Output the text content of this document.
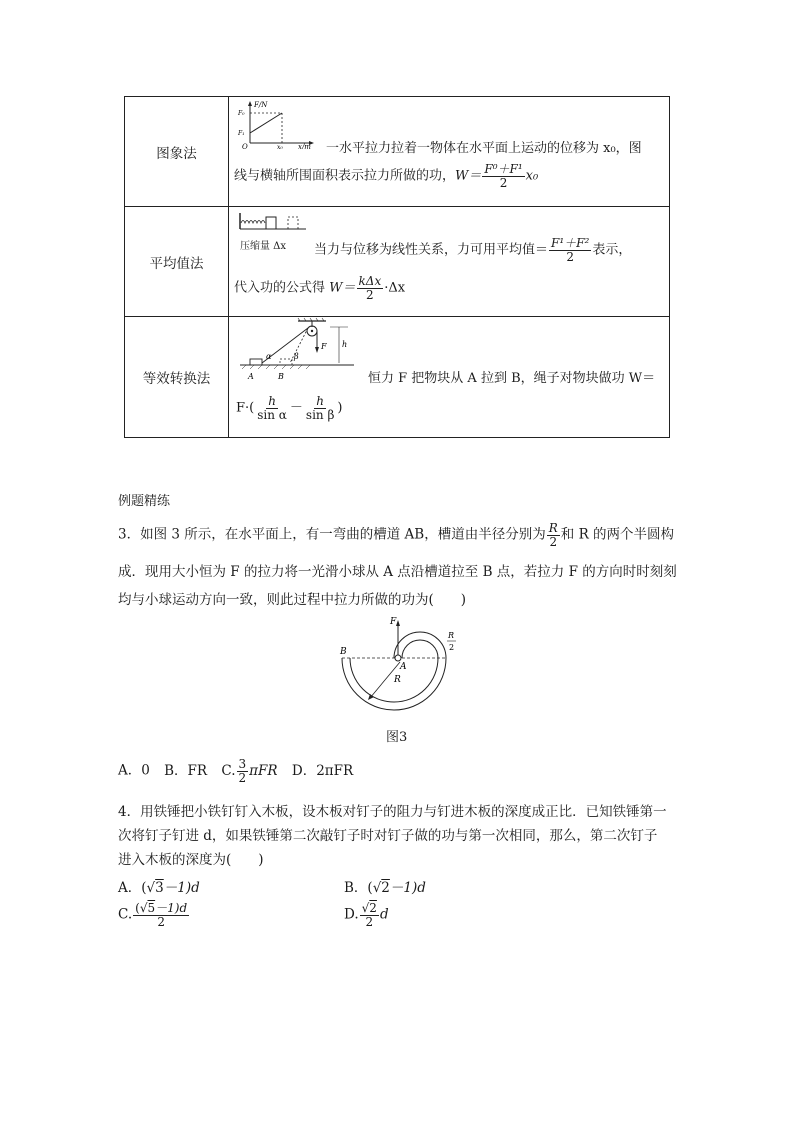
图象法
F/N
F₀
F₁
O	x₀ x/m 一水平拉力拉着一物体在水平面上运动的位移为 x₀，图
线与横轴所围面积表示拉力所做的功，$W= \frac{\text{F⁰＋F¹}}{2} x_0$
平均值法
压缩量 Δx 当力与位移为线性关系，力可用平均值＝ $\frac{\text{F¹＋F²}}{2}$ 表示，
代入功的公式得 $W= \frac{\text{kΔx}}{2} \cdot\Delta x$
等效转换法
α	β
F h
A	B	恒力 F 把物块从 A 拉到 B，绳子对物块做功 W＝
$F\cdot( \frac{h}{\text{sin α}} - \frac{h}{\text{sin β}}$ )
例题精练
3．如图 3 所示，在水平面上，有一弯曲的槽道 AB，槽道由半径分别为 $\frac{R}{2}$ 和 R 的两个半圆构
成．现用大小恒为 F 的拉力将一光滑小球从 A 点沿槽道拉至 B 点，若拉力 F 的方向时时刻刻
均与小球运动方向一致，则此过程中拉力所做的功为(　　)
B
A
F
R
R
2
图3
A．0 B．FR C. $\frac{3}{2}$ πFR D．2πFR
4．用铁锤把小铁钉钉入木板，设木板对钉子的阻力与钉进木板的深度成正比．已知铁锤第一
次将钉子钉进 d，如果铁锤第二次敲钉子时对钉子做的功与第一次相同，那么，第二次钉子
进入木板的深度为(　　)
A．(√3－1)d	B．(√2－1)d
C. $\frac{(√5-1)d}{2}$	D. $\frac{√2}{2}$ d
